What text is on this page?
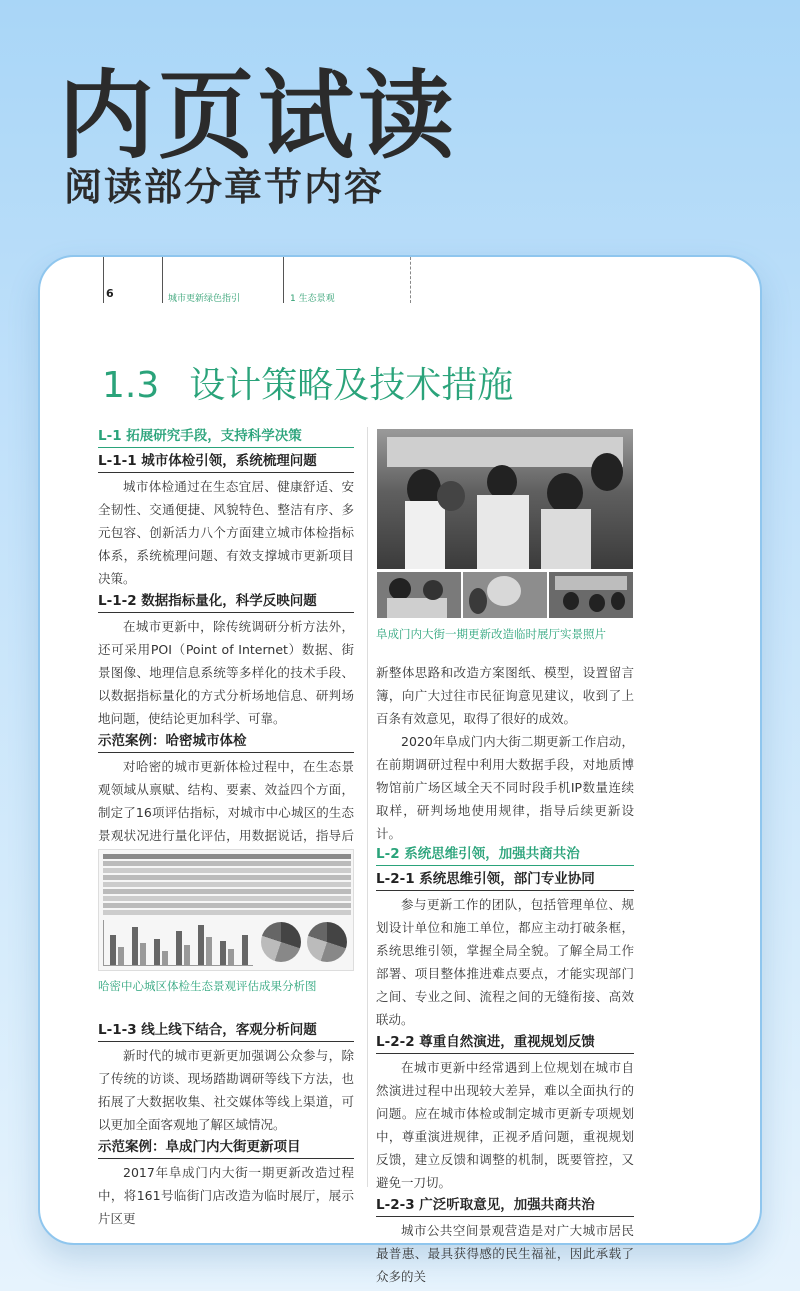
内页试读
阅读部分章节内容
6	城市更新绿色指引	1 生态景观
1.3 设计策略及技术措施
L-1 拓展研究手段，支持科学决策
L-1-1 城市体检引领，系统梳理问题
城市体检通过在生态宜居、健康舒适、安全韧性、交通便捷、风貌特色、整洁有序、多元包容、创新活力八个方面建立城市体检指标体系，系统梳理问题、有效支撑城市更新项目决策。
L-1-2 数据指标量化，科学反映问题
在城市更新中，除传统调研分析方法外，还可采用POI（Point of Internet）数据、街景图像、地理信息系统等多样化的技术手段、以数据指标量化的方式分析场地信息、研判场地问题，使结论更加科学、可靠。
示范案例：哈密城市体检
对哈密的城市更新体检过程中，在生态景观领域从禀赋、结构、要素、效益四个方面，制定了16项评估指标，对城市中心城区的生态景观状况进行量化评估，用数据说话，指导后
哈密中心城区体检生态景观评估成果分析图
L-1-3 线上线下结合，客观分析问题
新时代的城市更新更加强调公众参与，除了传统的访谈、现场踏勘调研等线下方法，也拓展了大数据收集、社交媒体等线上渠道，可以更加全面客观地了解区域情况。
示范案例：阜成门内大街更新项目
2017年阜成门内大街一期更新改造过程中，将161号临街门店改造为临时展厅，展示片区更
阜成门内大街一期更新改造临时展厅实景照片
新整体思路和改造方案图纸、模型，设置留言簿，向广大过往市民征询意见建议，收到了上百条有效意见，取得了很好的成效。
2020年阜成门内大街二期更新工作启动，在前期调研过程中利用大数据手段，对地质博物馆前广场区域全天不同时段手机IP数量连续取样，研判场地使用规律，指导后续更新设计。
L-2 系统思维引领，加强共商共治
L-2-1 系统思维引领，部门专业协同
参与更新工作的团队，包括管理单位、规划设计单位和施工单位，都应主动打破条框，系统思维引领，掌握全局全貌。了解全局工作部署、项目整体推进难点要点，才能实现部门之间、专业之间、流程之间的无缝衔接、高效联动。
L-2-2 尊重自然演进，重视规划反馈
在城市更新中经常遇到上位规划在城市自然演进过程中出现较大差异，难以全面执行的问题。应在城市体检或制定城市更新专项规划中，尊重演进规律，正视矛盾问题，重视规划反馈，建立反馈和调整的机制，既要管控，又避免一刀切。
L-2-3 广泛听取意见，加强共商共治
城市公共空间景观营造是对广大城市居民最普惠、最具获得感的民生福祉，因此承载了众多的关
